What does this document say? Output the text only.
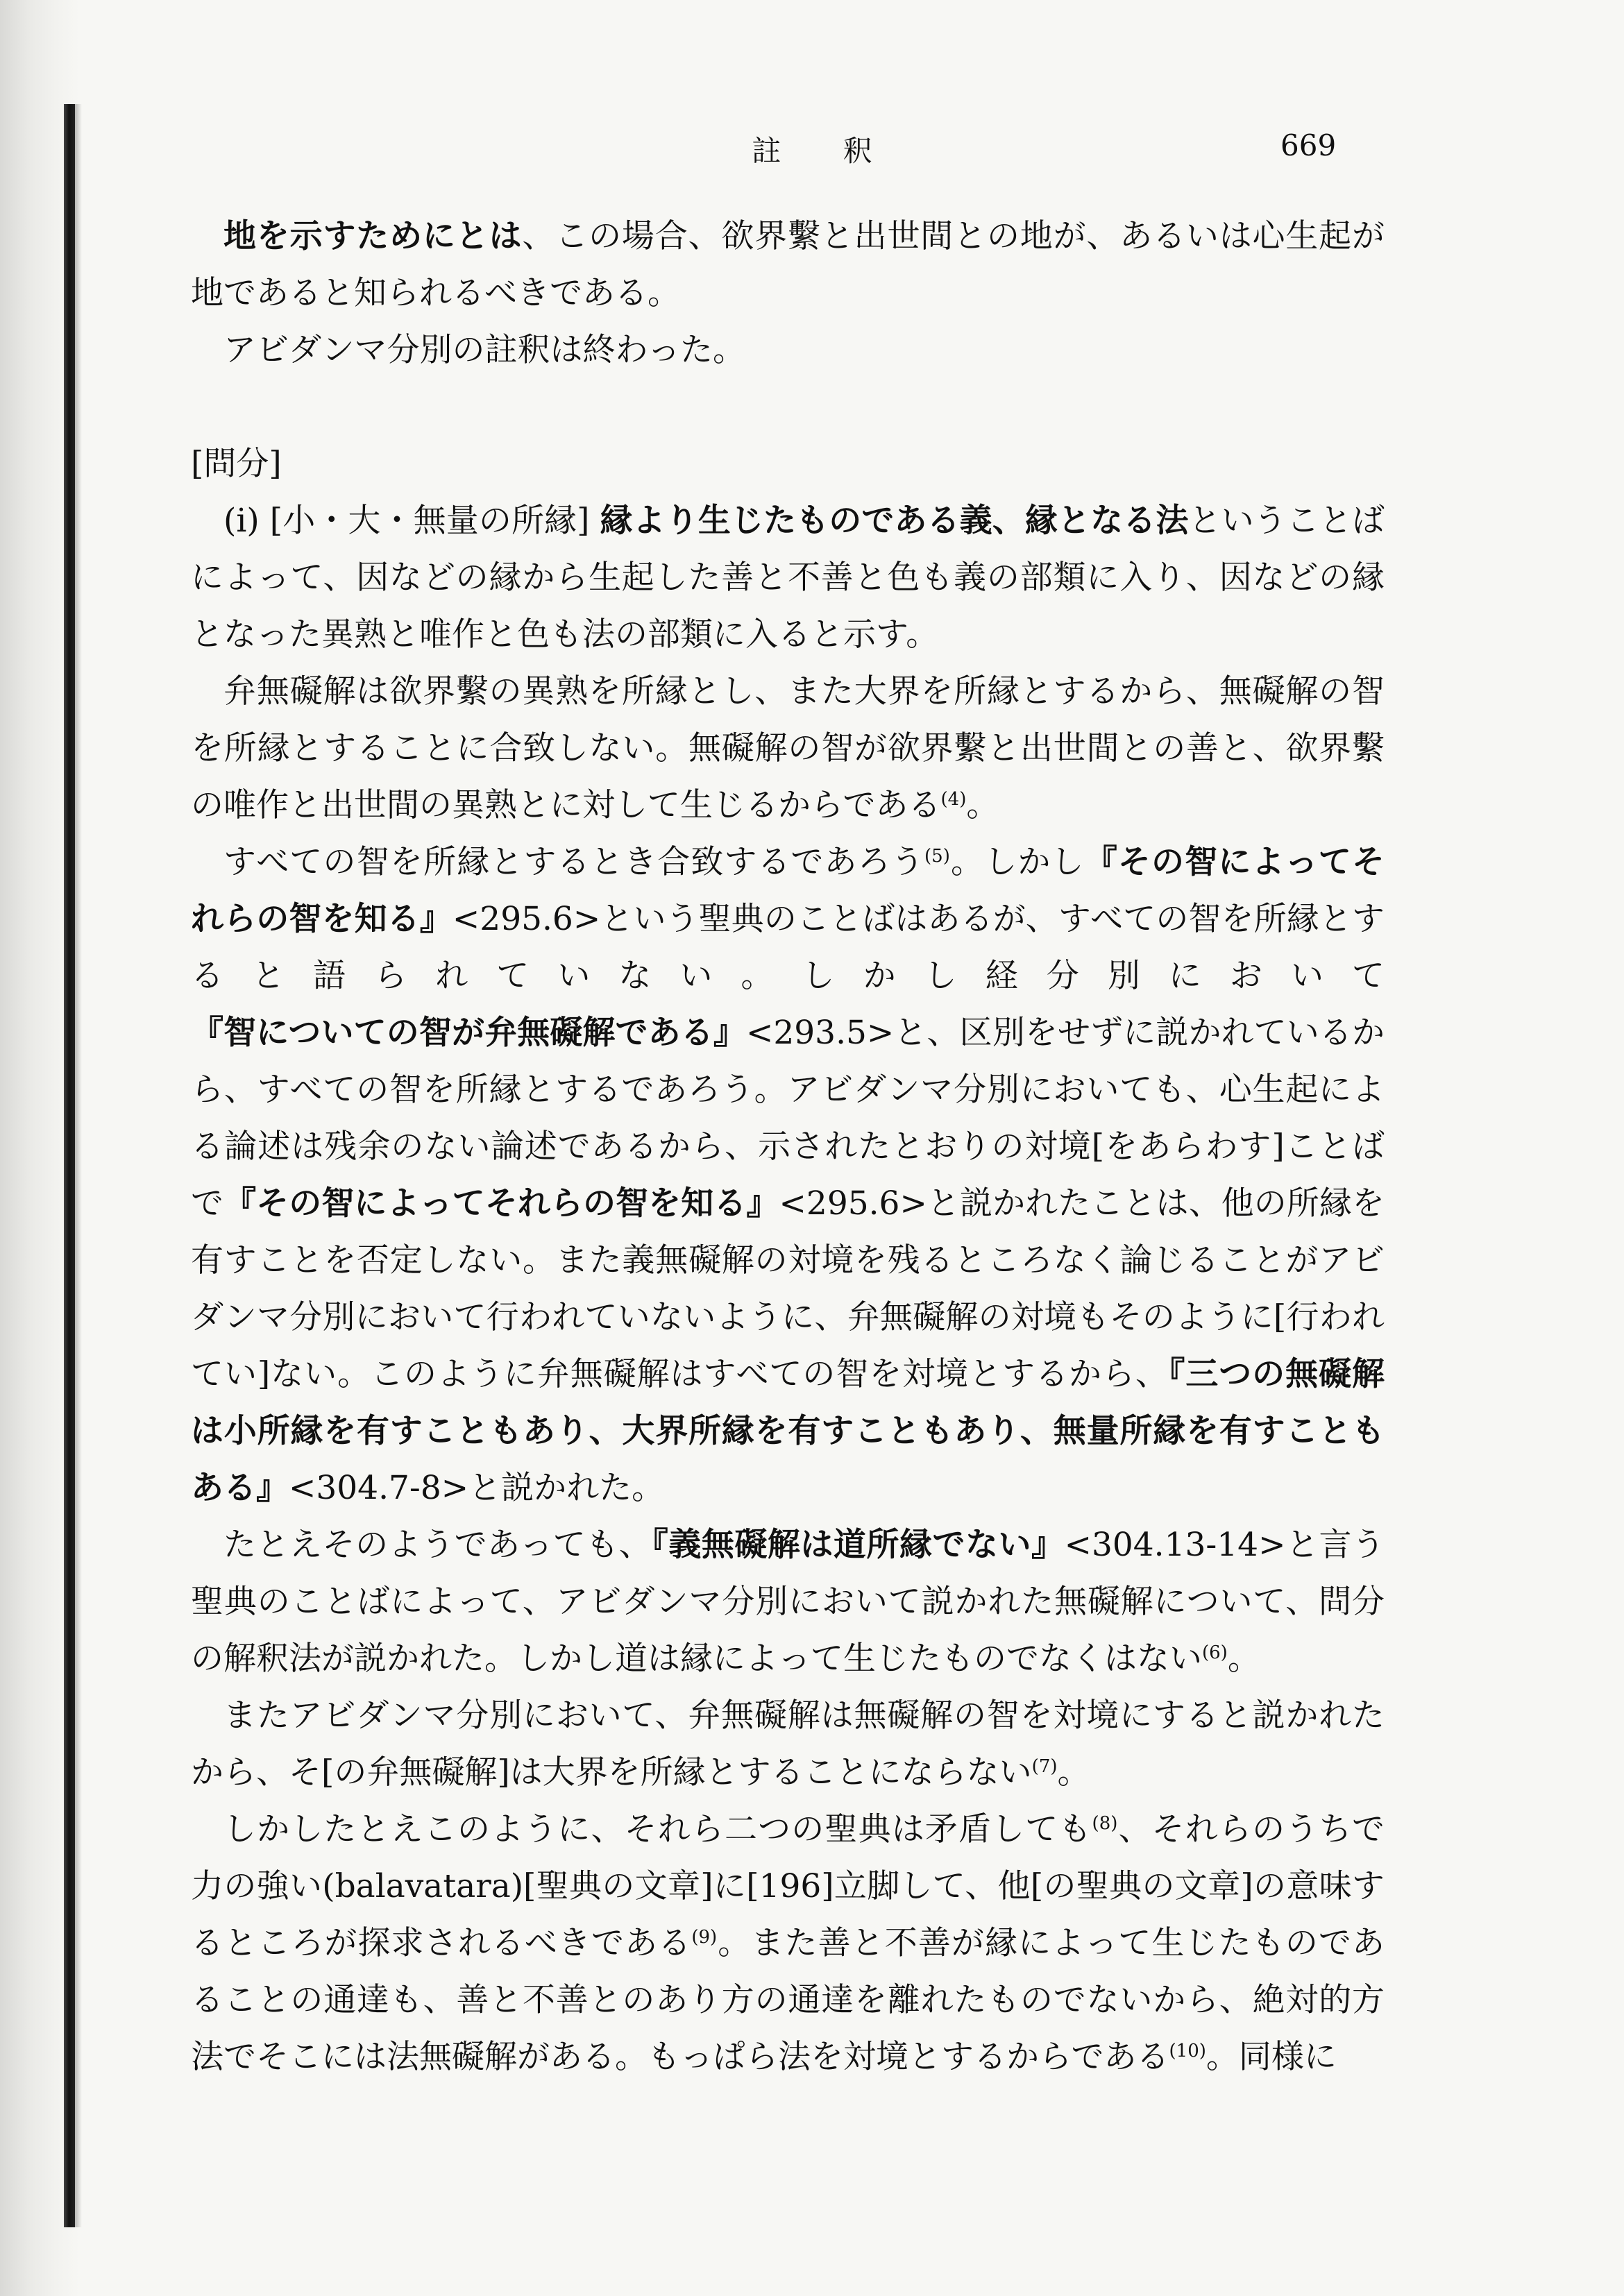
註 釈	669

地を示すためにとは、この場合、欲界繫と出世間との地が、あるいは心生起が地であると知られるべきである。

アビダンマ分別の註釈は終わった。

[問分]

(i) [小・大・無量の所縁] 縁より生じたものである義、縁となる法ということばによって、因などの縁から生起した善と不善と色も義の部類に入り、因などの縁となった異熟と唯作と色も法の部類に入ると示す。

弁無礙解は欲界繫の異熟を所縁とし、また大界を所縁とするから、無礙解の智を所縁とすることに合致しない。無礙解の智が欲界繫と出世間との善と、欲界繫の唯作と出世間の異熟とに対して生じるからである$^{(4)}$。

すべての智を所縁とするとき合致するであろう$^{(5)}$。しかし『その智によってそれらの智を知る』<295.6>という聖典のことばはあるが、すべての智を所縁とすると語られていない。しかし経分別において『智についての智が弁無礙解である』<293.5>と、区別をせずに説かれているから、すべての智を所縁とするであろう。アビダンマ分別においても、心生起による論述は残余のない論述であるから、示されたとおりの対境[をあらわす]ことばで『その智によってそれらの智を知る』<295.6>と説かれたことは、他の所縁を有すことを否定しない。また義無礙解の対境を残るところなく論じることがアビダンマ分別において行われていないように、弁無礙解の対境もそのように[行われてい]ない。このように弁無礙解はすべての智を対境とするから、『三つの無礙解は小所縁を有すこともあり、大界所縁を有すこともあり、無量所縁を有すこともある』<304.7-8>と説かれた。

たとえそのようであっても、『義無礙解は道所縁でない』<304.13-14>と言う聖典のことばによって、アビダンマ分別において説かれた無礙解について、問分の解釈法が説かれた。しかし道は縁によって生じたものでなくはない$^{(6)}$。

またアビダンマ分別において、弁無礙解は無礙解の智を対境にすると説かれたから、そ[の弁無礙解]は大界を所縁とすることにならない$^{(7)}$。

しかしたとえこのように、それら二つの聖典は矛盾しても$^{(8)}$、それらのうちで力の強い(balavatara)[聖典の文章]に[196]立脚して、他[の聖典の文章]の意味するところが探求されるべきである$^{(9)}$。また善と不善が縁によって生じたものであることの通達も、善と不善とのあり方の通達を離れたものでないから、絶対的方法でそこには法無礙解がある。もっぱら法を対境とするからである$^{(10)}$。同様に
